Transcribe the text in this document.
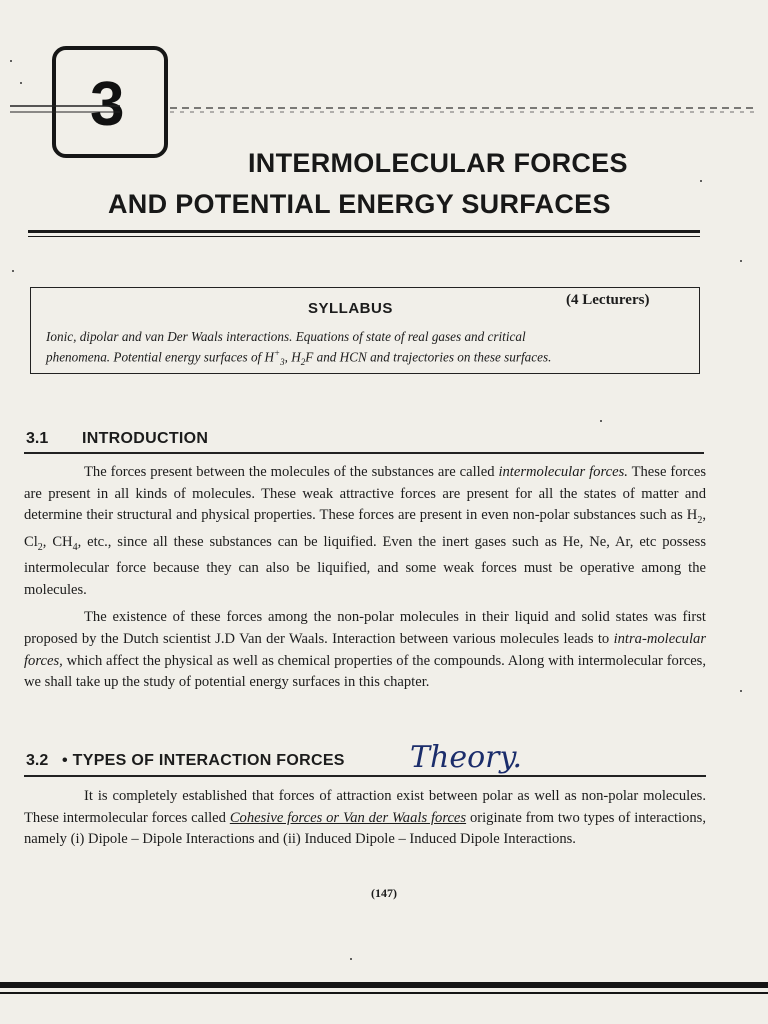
3
INTERMOLECULAR FORCES
AND POTENTIAL ENERGY SURFACES
SYLLABUS	(4 Lecturers)
Ionic, dipolar and van Der Waals interactions. Equations of state of real gases and critical
phenomena. Potential energy surfaces of $H^+_3$, $H_2F$ and HCN and trajectories on these surfaces.
3.1 INTRODUCTION

The forces present between the molecules of the substances are called intermolecular forces. These forces are present in all kinds of molecules. These weak attractive forces are present for all the states of matter and determine their structural and physical properties. These forces are present in even non-polar substances such as $H_2$, $Cl_2$, $CH_4$, etc., since all these substances can be liquified. Even the inert gases such as He, Ne, Ar, etc possess intermolecular force because they can also be liquified, and some weak forces must be operative among the molecules.

The existence of these forces among the non-polar molecules in their liquid and solid states was first proposed by the Dutch scientist J.D Van der Waals. Interaction between various molecules leads to intra-molecular forces, which affect the physical as well as chemical properties of the compounds. Along with intermolecular forces, we shall take up the study of potential energy surfaces in this chapter.

3.2 • TYPES OF INTERACTION FORCES Theory.

It is completely established that forces of attraction exist between polar as well as non-polar molecules. These intermolecular forces called Cohesive forces or Van der Waals forces originate from two types of interactions, namely (i) Dipole – Dipole Interactions and (ii) Induced Dipole – Induced Dipole Interactions.

(147)
